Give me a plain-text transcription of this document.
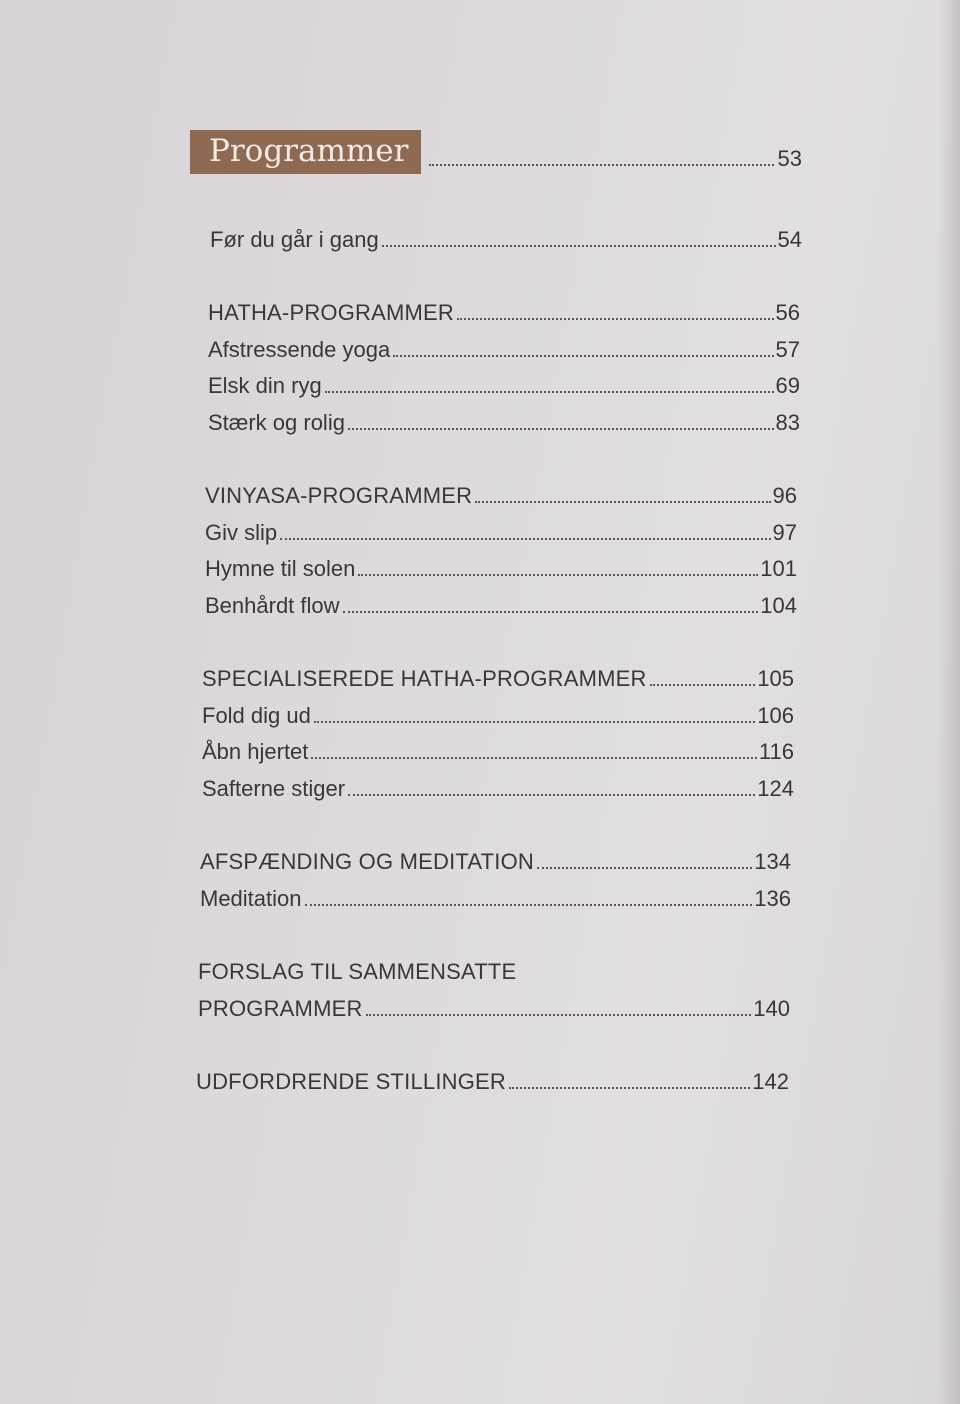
Programmer	53
Før du går i gang	54
HATHA-PROGRAMMER	56
Afstressende yoga	57
Elsk din ryg	69
Stærk og rolig	83
VINYASA-PROGRAMMER	96
Giv slip	97
Hymne til solen	101
Benhårdt flow	104
SPECIALISEREDE HATHA-PROGRAMMER	105
Fold dig ud	106
Åbn hjertet	116
Safterne stiger	124
AFSPÆNDING OG MEDITATION	134
Meditation	136
FORSLAG TIL SAMMENSATTE
PROGRAMMER	140
UDFORDRENDE STILLINGER	142
